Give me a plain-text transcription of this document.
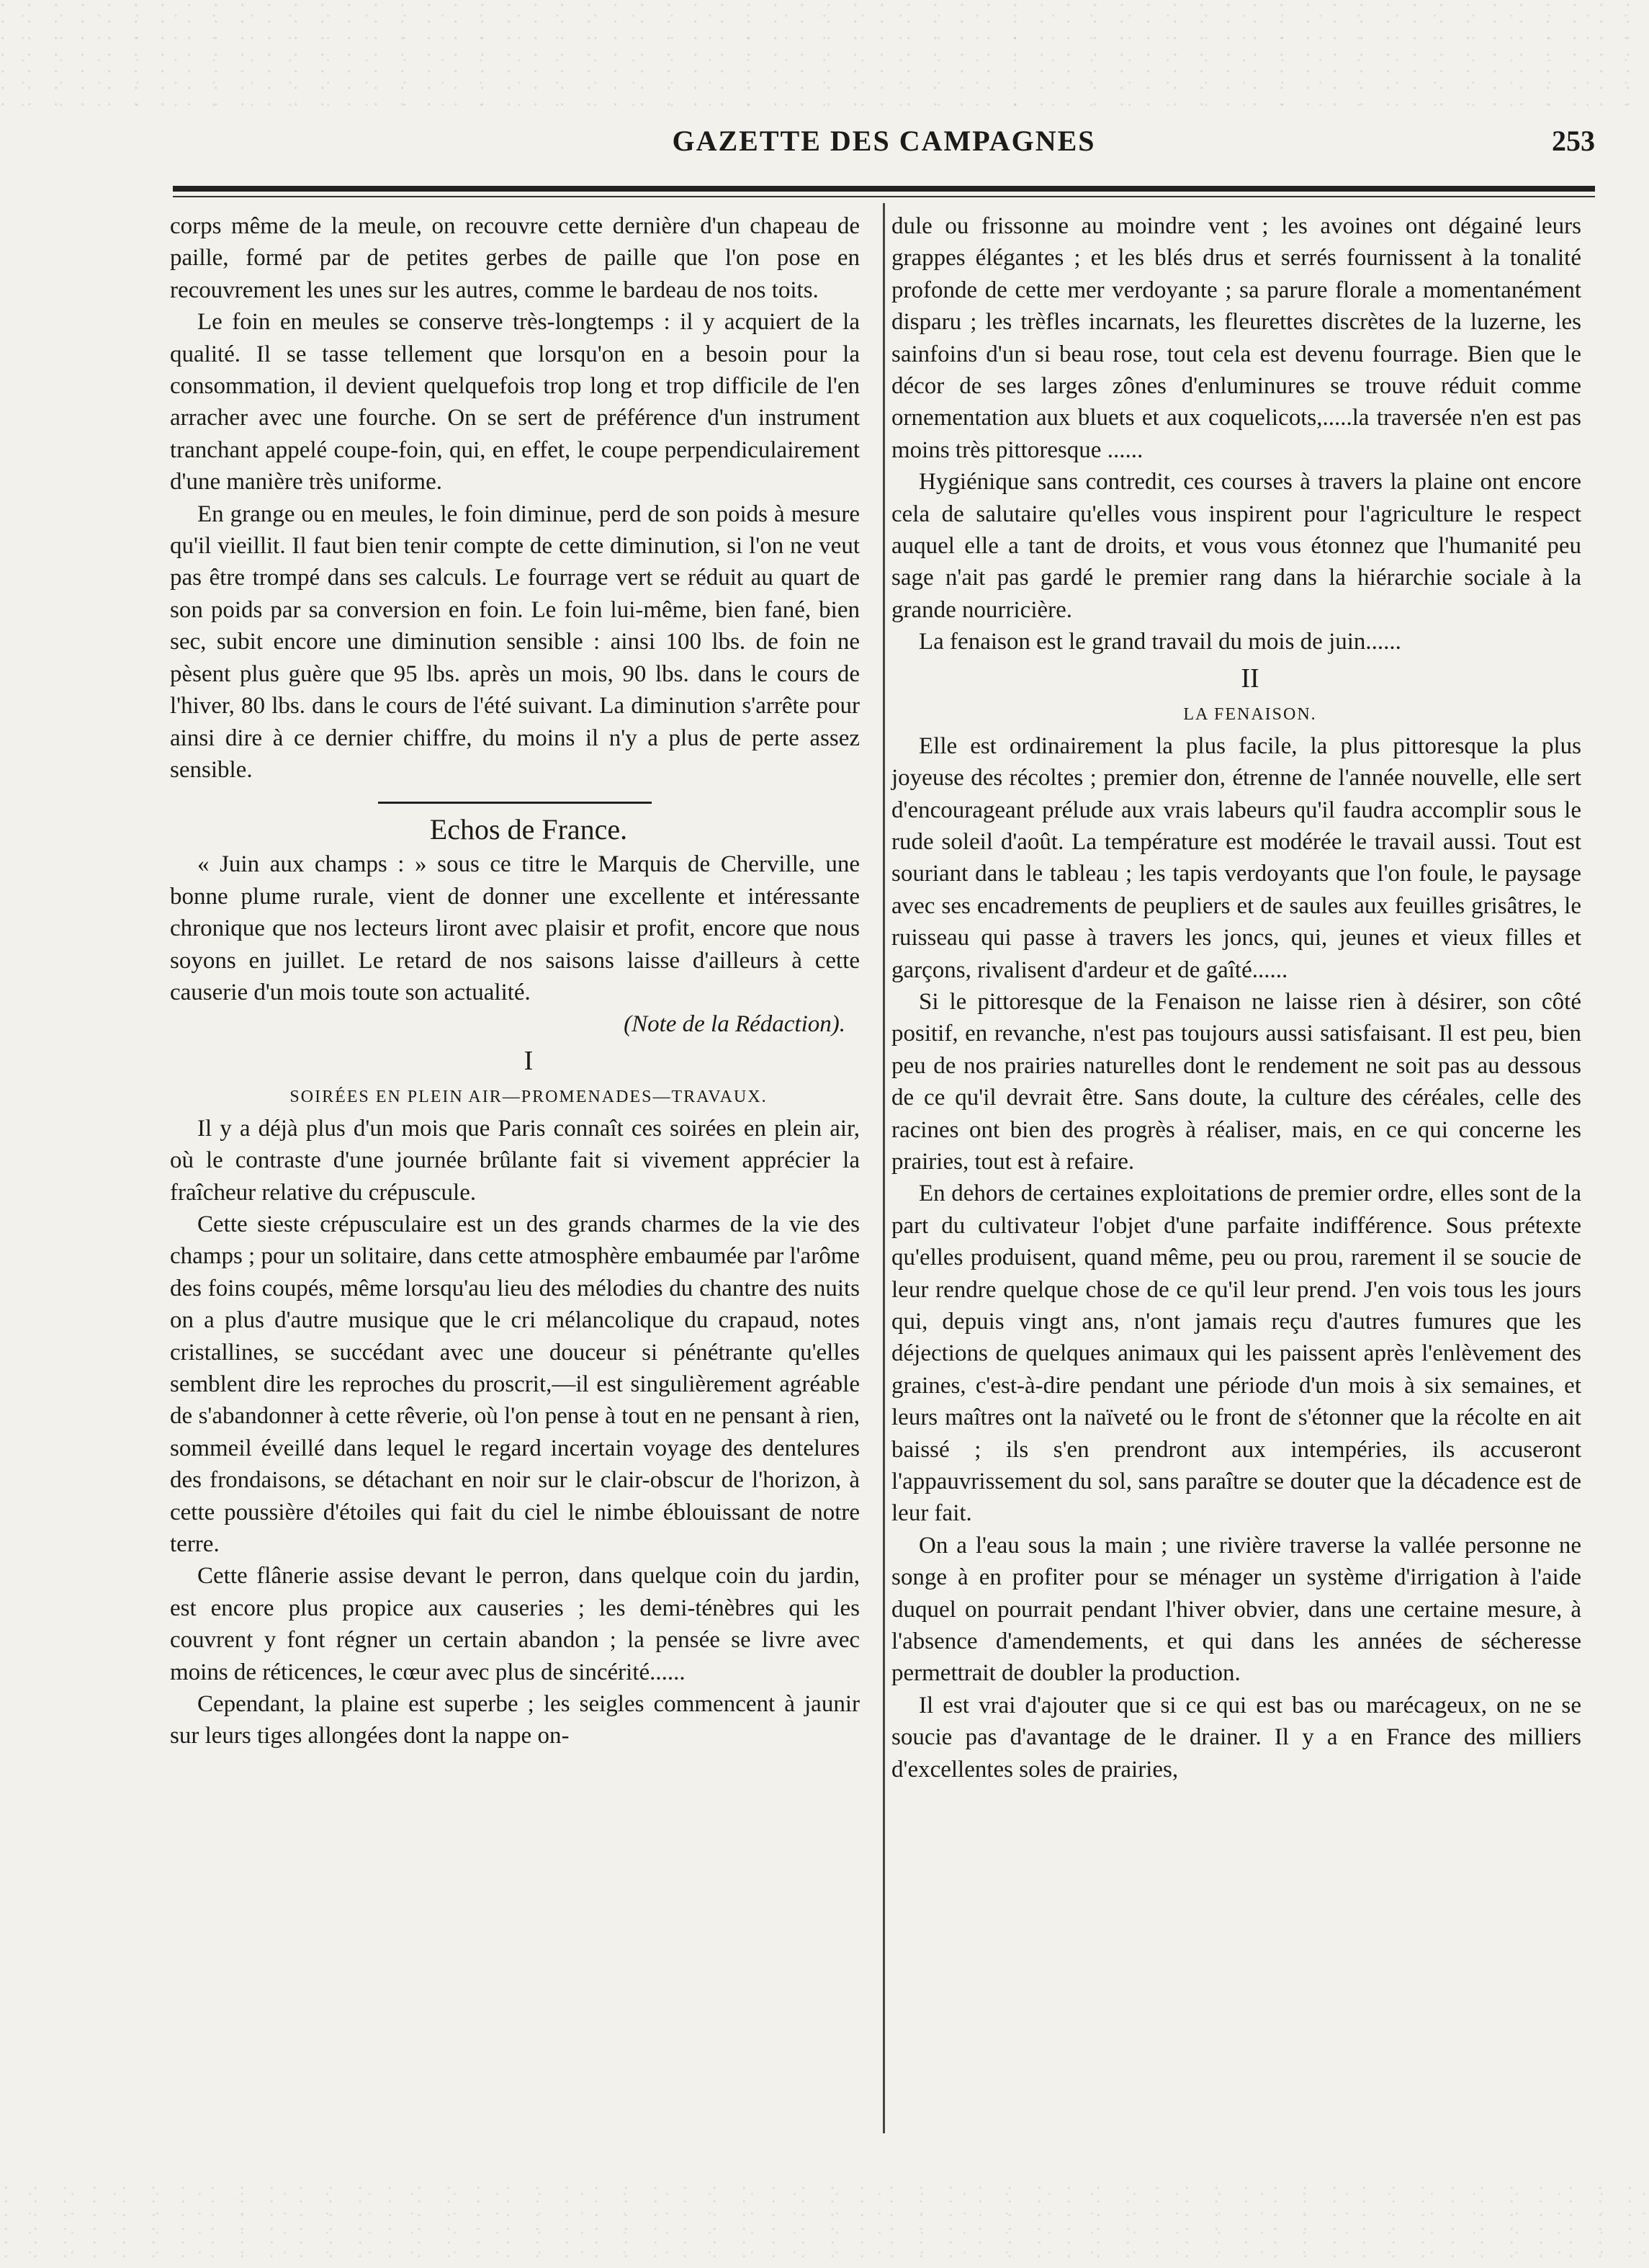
GAZETTE DES CAMPAGNES	253

corps même de la meule, on recouvre cette dernière d'un chapeau de paille, formé par de petites gerbes de paille que l'on pose en recouvrement les unes sur les autres, comme le bardeau de nos toits.

Le foin en meules se conserve très-longtemps : il y acquiert de la qualité. Il se tasse tellement que lorsqu'on en a besoin pour la consommation, il devient quelquefois trop long et trop difficile de l'en arracher avec une fourche. On se sert de préférence d'un instrument tranchant appelé coupe-foin, qui, en effet, le coupe perpendiculairement d'une manière très uniforme.

En grange ou en meules, le foin diminue, perd de son poids à mesure qu'il vieillit. Il faut bien tenir compte de cette diminution, si l'on ne veut pas être trompé dans ses calculs. Le fourrage vert se réduit au quart de son poids par sa conversion en foin. Le foin lui-même, bien fané, bien sec, subit encore une diminution sensible : ainsi 100 lbs. de foin ne pèsent plus guère que 95 lbs. après un mois, 90 lbs. dans le cours de l'hiver, 80 lbs. dans le cours de l'été suivant. La diminution s'arrête pour ainsi dire à ce dernier chiffre, du moins il n'y a plus de perte assez sensible.

Echos de France.

« Juin aux champs : » sous ce titre le Marquis de Cherville, une bonne plume rurale, vient de donner une excellente et intéressante chronique que nos lecteurs liront avec plaisir et profit, encore que nous soyons en juillet. Le retard de nos saisons laisse d'ailleurs à cette causerie d'un mois toute son actualité.

(Note de la Rédaction).

I

SOIRÉES EN PLEIN AIR—PROMENADES—TRAVAUX.

Il y a déjà plus d'un mois que Paris connaît ces soirées en plein air, où le contraste d'une journée brûlante fait si vivement apprécier la fraîcheur relative du crépuscule.

Cette sieste crépusculaire est un des grands charmes de la vie des champs ; pour un solitaire, dans cette atmosphère embaumée par l'arôme des foins coupés, même lorsqu'au lieu des mélodies du chantre des nuits on a plus d'autre musique que le cri mélancolique du crapaud, notes cristallines, se succédant avec une douceur si pénétrante qu'elles semblent dire les reproches du proscrit,—il est singulièrement agréable de s'abandonner à cette rêverie, où l'on pense à tout en ne pensant à rien, sommeil éveillé dans lequel le regard incertain voyage des dentelures des frondaisons, se détachant en noir sur le clair-obscur de l'horizon, à cette poussière d'étoiles qui fait du ciel le nimbe éblouissant de notre terre.

Cette flânerie assise devant le perron, dans quelque coin du jardin, est encore plus propice aux causeries ; les demi-ténèbres qui les couvrent y font régner un certain abandon ; la pensée se livre avec moins de réticences, le cœur avec plus de sincérité......

Cependant, la plaine est superbe ; les seigles commencent à jaunir sur leurs tiges allongées dont la nappe on-

dule ou frissonne au moindre vent ; les avoines ont dégainé leurs grappes élégantes ; et les blés drus et serrés fournissent à la tonalité profonde de cette mer verdoyante ; sa parure florale a momentanément disparu ; les trèfles incarnats, les fleurettes discrètes de la luzerne, les sainfoins d'un si beau rose, tout cela est devenu fourrage. Bien que le décor de ses larges zônes d'enluminures se trouve réduit comme ornementation aux bluets et aux coquelicots,.....la traversée n'en est pas moins très pittoresque ......

Hygiénique sans contredit, ces courses à travers la plaine ont encore cela de salutaire qu'elles vous inspirent pour l'agriculture le respect auquel elle a tant de droits, et vous vous étonnez que l'humanité peu sage n'ait pas gardé le premier rang dans la hiérarchie sociale à la grande nourricière.

La fenaison est le grand travail du mois de juin......

II

LA FENAISON.

Elle est ordinairement la plus facile, la plus pittoresque la plus joyeuse des récoltes ; premier don, étrenne de l'année nouvelle, elle sert d'encourageant prélude aux vrais labeurs qu'il faudra accomplir sous le rude soleil d'août. La température est modérée le travail aussi. Tout est souriant dans le tableau ; les tapis verdoyants que l'on foule, le paysage avec ses encadrements de peupliers et de saules aux feuilles grisâtres, le ruisseau qui passe à travers les joncs, qui, jeunes et vieux filles et garçons, rivalisent d'ardeur et de gaîté......

Si le pittoresque de la Fenaison ne laisse rien à désirer, son côté positif, en revanche, n'est pas toujours aussi satisfaisant. Il est peu, bien peu de nos prairies naturelles dont le rendement ne soit pas au dessous de ce qu'il devrait être. Sans doute, la culture des céréales, celle des racines ont bien des progrès à réaliser, mais, en ce qui concerne les prairies, tout est à refaire.

En dehors de certaines exploitations de premier ordre, elles sont de la part du cultivateur l'objet d'une parfaite indifférence. Sous prétexte qu'elles produisent, quand même, peu ou prou, rarement il se soucie de leur rendre quelque chose de ce qu'il leur prend. J'en vois tous les jours qui, depuis vingt ans, n'ont jamais reçu d'autres fumures que les déjections de quelques animaux qui les paissent après l'enlèvement des graines, c'est-à-dire pendant une période d'un mois à six semaines, et leurs maîtres ont la naïveté ou le front de s'étonner que la récolte en ait baissé ; ils s'en prendront aux intempéries, ils accuseront l'appauvrissement du sol, sans paraître se douter que la décadence est de leur fait.

On a l'eau sous la main ; une rivière traverse la vallée personne ne songe à en profiter pour se ménager un système d'irrigation à l'aide duquel on pourrait pendant l'hiver obvier, dans une certaine mesure, à l'absence d'amendements, et qui dans les années de sécheresse permettrait de doubler la production.

Il est vrai d'ajouter que si ce qui est bas ou marécageux, on ne se soucie pas d'avantage de le drainer. Il y a en France des milliers d'excellentes soles de prairies,
